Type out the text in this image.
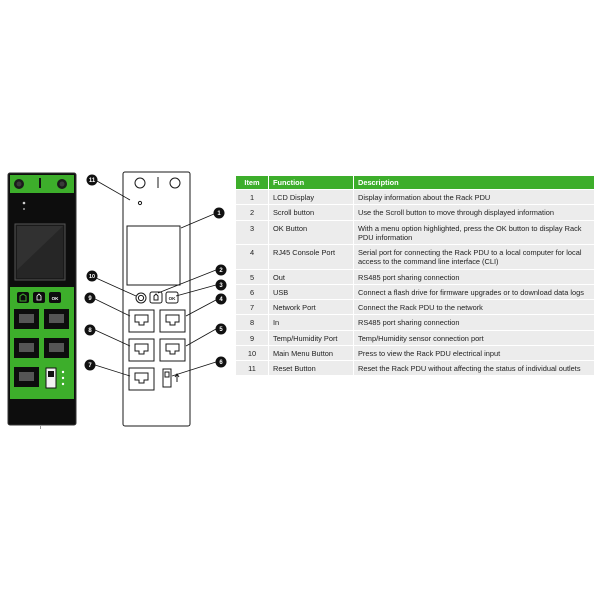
OK	OK
11
1
2
3
4
5
6
10
9
8
7
Item	Function	Description
1	LCD Display	Display information about the Rack PDU
2	Scroll button	Use the Scroll button to move through displayed information
3	OK Button	With a menu option highlighted, press the OK button to display Rack PDU information
4	RJ45 Console Port	Serial port for connecting the Rack PDU to a local computer for local access to the command line interface (CLI)
5	Out	RS485 port sharing connection
6	USB	Connect a flash drive for firmware upgrades or to download data logs
7	Network Port	Connect the Rack PDU to the network
8	In	RS485 port sharing connection
9	Temp/Humidity Port	Temp/Humidity sensor connection port
10	Main Menu Button	Press to view the Rack PDU electrical input
11	Reset Button	Reset the Rack PDU without affecting the status of individual outlets
